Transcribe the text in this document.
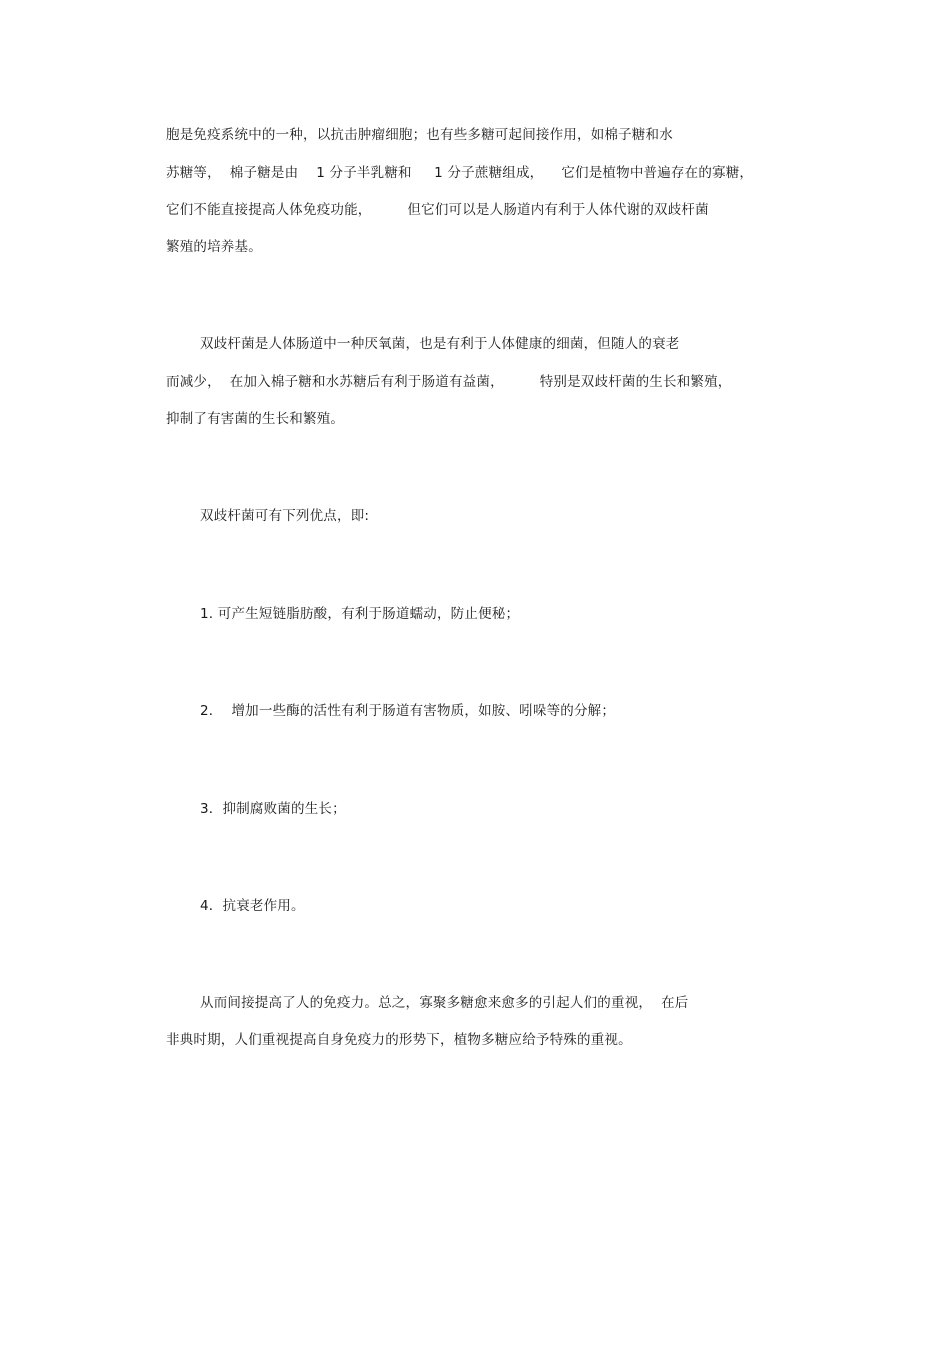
胞是免疫系统中的一种，以抗击肿瘤细胞；也有些多糖可起间接作用，如棉子糖和水
苏糖等，  棉子糖是由    1 分子半乳糖和     1 分子蔗糖组成，    它们是植物中普遍存在的寡糖，
它们不能直接提高人体免疫功能，        但它们可以是人肠道内有利于人体代谢的双歧杆菌
繁殖的培养基。
双歧杆菌是人体肠道中一种厌氧菌，也是有利于人体健康的细菌，但随人的衰老
而减少，  在加入棉子糖和水苏糖后有利于肠道有益菌，        特别是双歧杆菌的生长和繁殖，
抑制了有害菌的生长和繁殖。
双歧杆菌可有下列优点，即:
1. 可产生短链脂肪酸，有利于肠道蠕动，防止便秘；
2．  增加一些酶的活性有利于肠道有害物质，如胺、吲哚等的分解；
3．抑制腐败菌的生长；
4．抗衰老作用。
从而间接提高了人的免疫力。总之，寡聚多糖愈来愈多的引起人们的重视，  在后
非典时期，人们重视提高自身免疫力的形势下，植物多糖应给予特殊的重视。
